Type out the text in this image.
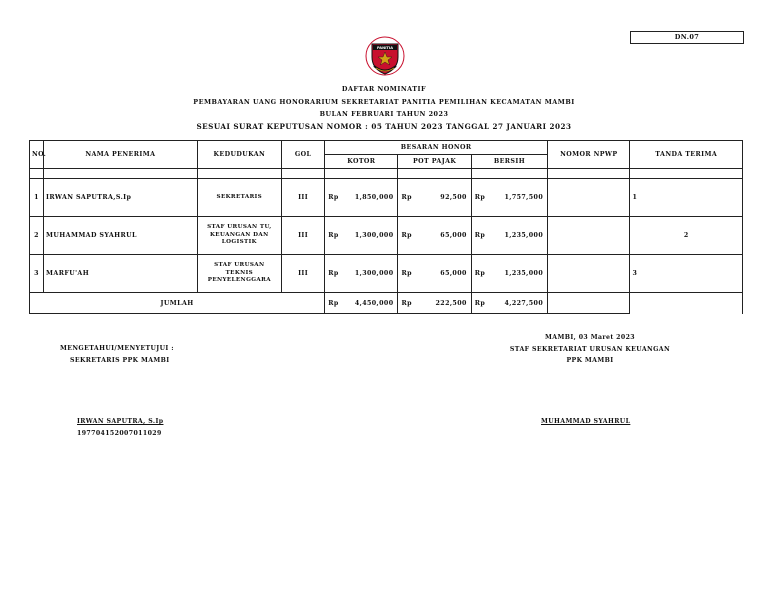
DN.07
PANITIA
DAFTAR NOMINATIF
PEMBAYARAN UANG HONORARIUM SEKRETARIAT PANITIA PEMILIHAN KECAMATAN MAMBI
BULAN FEBRUARI TAHUN 2023
SESUAI SURAT KEPUTUSAN NOMOR : 05 TAHUN 2023 TANGGAL 27 JANUARI 2023
NO.	NAMA PENERIMA	KEDUDUKAN	GOL	BESARAN HONOR			NOMOR NPWP	TANDA TERIMA
				KOTOR	POT PAJAK	BERSIH		

1	IRWAN SAPUTRA,S.Ip	SEKRETARIS	III	Rp 1,850,000	Rp 92,500	Rp 1,757,500		1
2	MUHAMMAD SYAHRUL	STAF URUSAN TU, KEUANGAN DAN LOGISTIK	III	Rp 1,300,000	Rp 65,000	Rp 1,235,000		2
3	MARFU'AH	STAF URUSAN TEKNIS PENYELENGGARA	III	Rp 1,300,000	Rp 65,000	Rp 1,235,000		3
JUMLAH				Rp 4,450,000	Rp 222,500	Rp 4,227,500		

MENGETAHUI/MENYETUJUI :
SEKRETARIS PPK MAMBI
IRWAN SAPUTRA, S.Ip
197704152007011029
MAMBI, 03 Maret 2023
STAF SEKRETARIAT URUSAN KEUANGAN
PPK MAMBI
MUHAMMAD SYAHRUL
